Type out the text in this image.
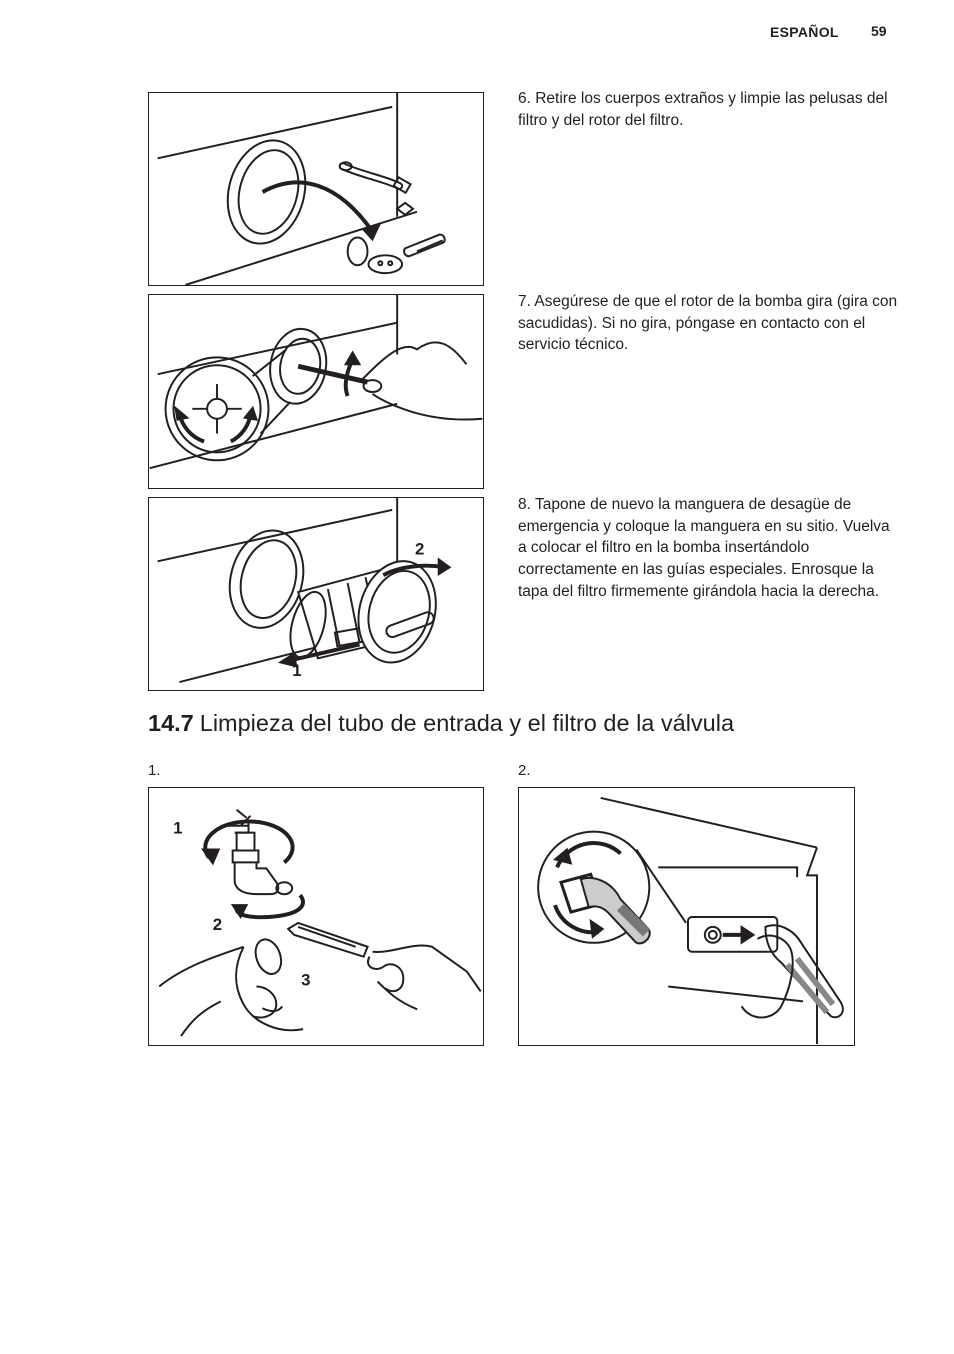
ESPAÑOL 59
6. Retire los cuerpos extraños y limpie las pelusas del filtro y del rotor del filtro.
7. Asegúrese de que el rotor de la bomba gira (gira con sacudidas). Si no gira, póngase en contacto con el servicio técnico.
2
1
8. Tapone de nuevo la manguera de desagüe de emergencia y coloque la manguera en su sitio. Vuelva a colocar el filtro en la bomba insertándolo correctamente en las guías especiales. Enrosque la tapa del filtro firmemente girándola hacia la derecha.
14.7 Limpieza del tubo de entrada y el filtro de la válvula
1.	2.
1
2
3
